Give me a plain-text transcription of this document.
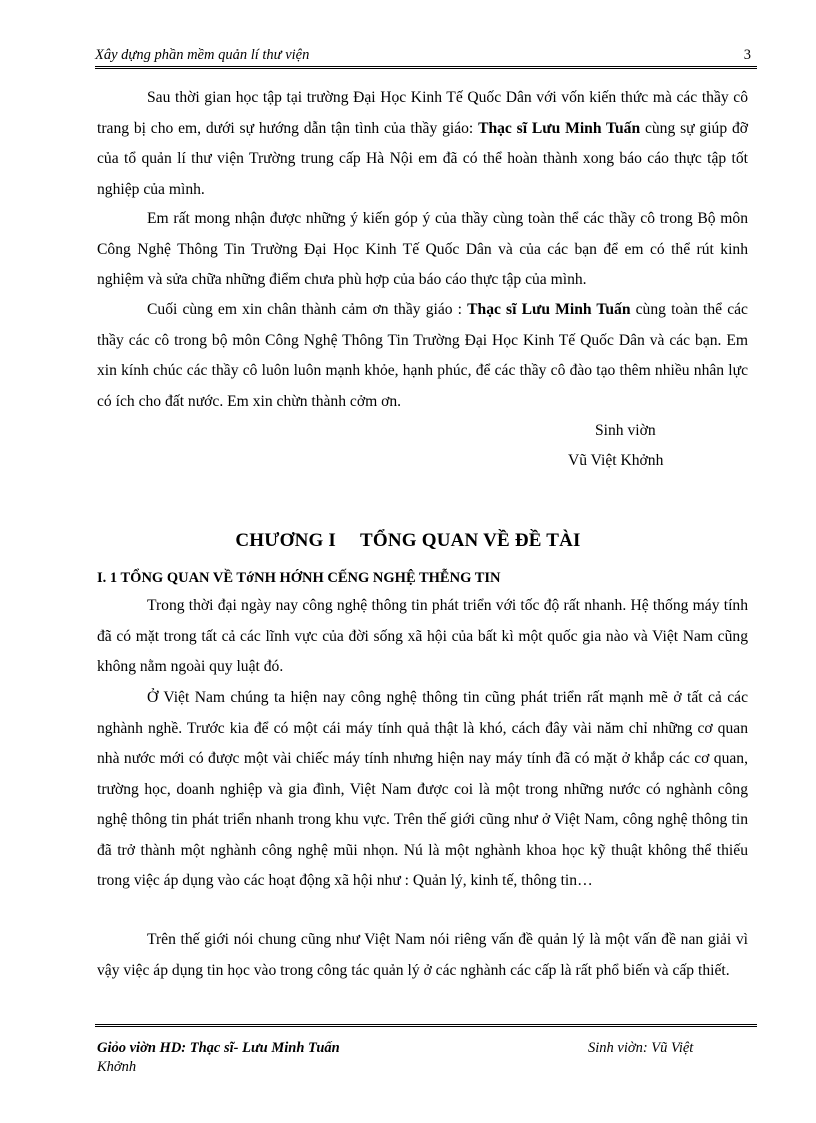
Xây dựng phần mềm quản lí thư viện	3

Sau thời gian học tập tại trường Đại Học Kinh Tế Quốc Dân với vốn kiến thức mà các thầy cô trang bị cho em, dưới sự hướng dẫn tận tình của thầy giáo: Thạc sĩ Lưu Minh Tuấn cùng sự giúp đỡ của tổ quản lí thư viện Trường trung cấp Hà Nội em đã có thể hoàn thành xong báo cáo thực tập tốt nghiệp của mình.

Em rất mong nhận được những ý kiến góp ý của thầy cùng toàn thể các thầy cô trong Bộ môn Công Nghệ Thông Tin Trường Đại Học Kinh Tế Quốc Dân và của các bạn để em có thể rút kinh nghiệm và sửa chữa những điểm chưa phù hợp của báo cáo thực tập của mình.

Cuối cùng em xin chân thành cảm ơn thầy giáo : Thạc sĩ Lưu Minh Tuấn cùng toàn thể các thầy các cô trong bộ môn Công Nghệ Thông Tin Trường Đại Học Kinh Tế Quốc Dân và các bạn. Em xin kính chúc các thầy cô luôn luôn mạnh khỏe, hạnh phúc, để các thầy cô đào tạo thêm nhiều nhân lực có ích cho đất nước. Em xin chừn thành cởm ơn.

Sinh viờn
Vũ Việt Khởnh
CHƯƠNG I TỔNG QUAN VỀ ĐỀ TÀI
I. 1 TỔNG QUAN VỀ TớNH HỚNH CẾNG NGHỆ THỄNG TIN

Trong thời đại ngày nay công nghệ thông tin phát triển với tốc độ rất nhanh. Hệ thống máy tính đã có mặt trong tất cả các lĩnh vực của đời sống xã hội của bất kì một quốc gia nào và Việt Nam cũng không nằm ngoài quy luật đó.

Ở Việt Nam chúng ta hiện nay công nghệ thông tin cũng phát triển rất mạnh mẽ ở tất cả các nghành nghề. Trước kia để có một cái máy tính quả thật là khó, cách đây vài năm chỉ những cơ quan nhà nước mới có được một vài chiếc máy tính nhưng hiện nay máy tính đã có mặt ở khắp các cơ quan, trường học, doanh nghiệp và gia đình, Việt Nam được coi là một trong những nước có nghành công nghệ thông tin phát triển nhanh trong khu vực. Trên thế giới cũng như ở Việt Nam, công nghệ thông tin đã trở thành một nghành công nghệ mũi nhọn. Nú là một nghành khoa học kỹ thuật không thể thiếu trong việc áp dụng vào các hoạt động xã hội như : Quản lý, kinh tế, thông tin…

Trên thế giới nói chung cũng như Việt Nam nói riêng vấn đề quản lý là một vấn đề nan giải vì vậy việc áp dụng tin học vào trong công tác quản lý ở các nghành các cấp là rất phổ biến và cấp thiết.

Giỏo viờn HD: Thạc sĩ- Lưu Minh Tuấn	Sinh viờn: Vũ Việt
Khởnh
